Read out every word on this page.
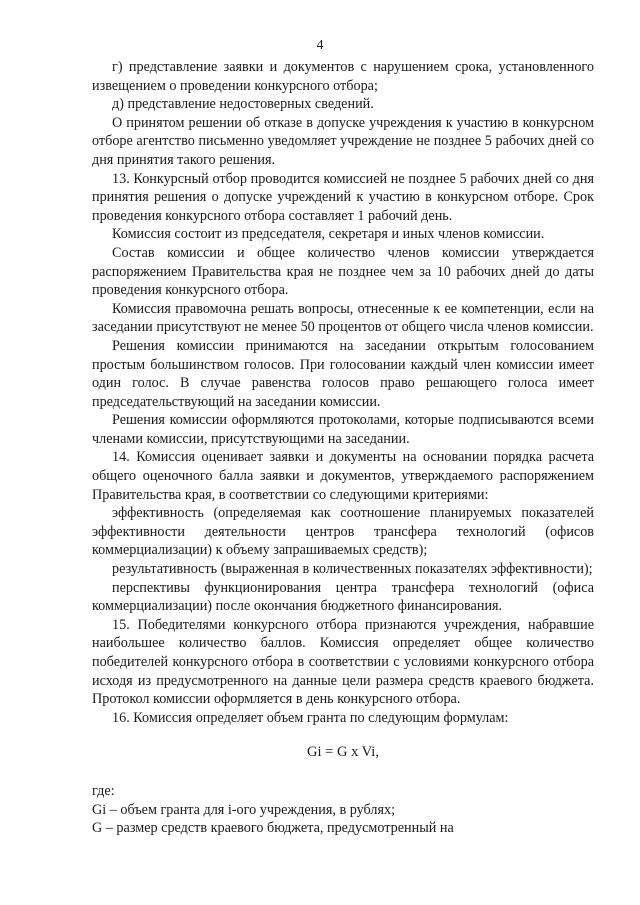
4

г) представление заявки и документов с нарушением срока, установленного извещением о проведении конкурсного отбора;

д) представление недостоверных сведений.

О принятом решении об отказе в допуске учреждения к участию в конкурсном отборе агентство письменно уведомляет учреждение не позднее 5 рабочих дней со дня принятия такого решения.

13. Конкурсный отбор проводится комиссией не позднее 5 рабочих дней со дня принятия решения о допуске учреждений к участию в конкурсном отборе. Срок проведения конкурсного отбора составляет 1 рабочий день.

Комиссия состоит из председателя, секретаря и иных членов комиссии.

Состав комиссии и общее количество членов комиссии утверждается распоряжением Правительства края не позднее чем за 10 рабочих дней до даты проведения конкурсного отбора.

Комиссия правомочна решать вопросы, отнесенные к ее компетенции, если на заседании присутствуют не менее 50 процентов от общего числа членов комиссии.

Решения комиссии принимаются на заседании открытым голосованием простым большинством голосов. При голосовании каждый член комиссии имеет один голос. В случае равенства голосов право решающего голоса имеет председательствующий на заседании комиссии.

Решения комиссии оформляются протоколами, которые подписываются всеми членами комиссии, присутствующими на заседании.

14. Комиссия оценивает заявки и документы на основании порядка расчета общего оценочного балла заявки и документов, утверждаемого распоряжением Правительства края, в соответствии со следующими критериями:

эффективность (определяемая как соотношение планируемых показателей эффективности деятельности центров трансфера технологий (офисов коммерциализации) к объему запрашиваемых средств);

результативность (выраженная в количественных показателях эффективности);

перспективы функционирования центра трансфера технологий (офиса коммерциализации) после окончания бюджетного финансирования.

15. Победителями конкурсного отбора признаются учреждения, набравшие наибольшее количество баллов. Комиссия определяет общее количество победителей конкурсного отбора в соответствии с условиями конкурсного отбора исходя из предусмотренного на данные цели размера средств краевого бюджета. Протокол комиссии оформляется в день конкурсного отбора.

16. Комиссия определяет объем гранта по следующим формулам:

Gi = G x Vi,

где:

Gi – объем гранта для i-ого учреждения, в рублях;

G – размер средств краевого бюджета, предусмотренный на
